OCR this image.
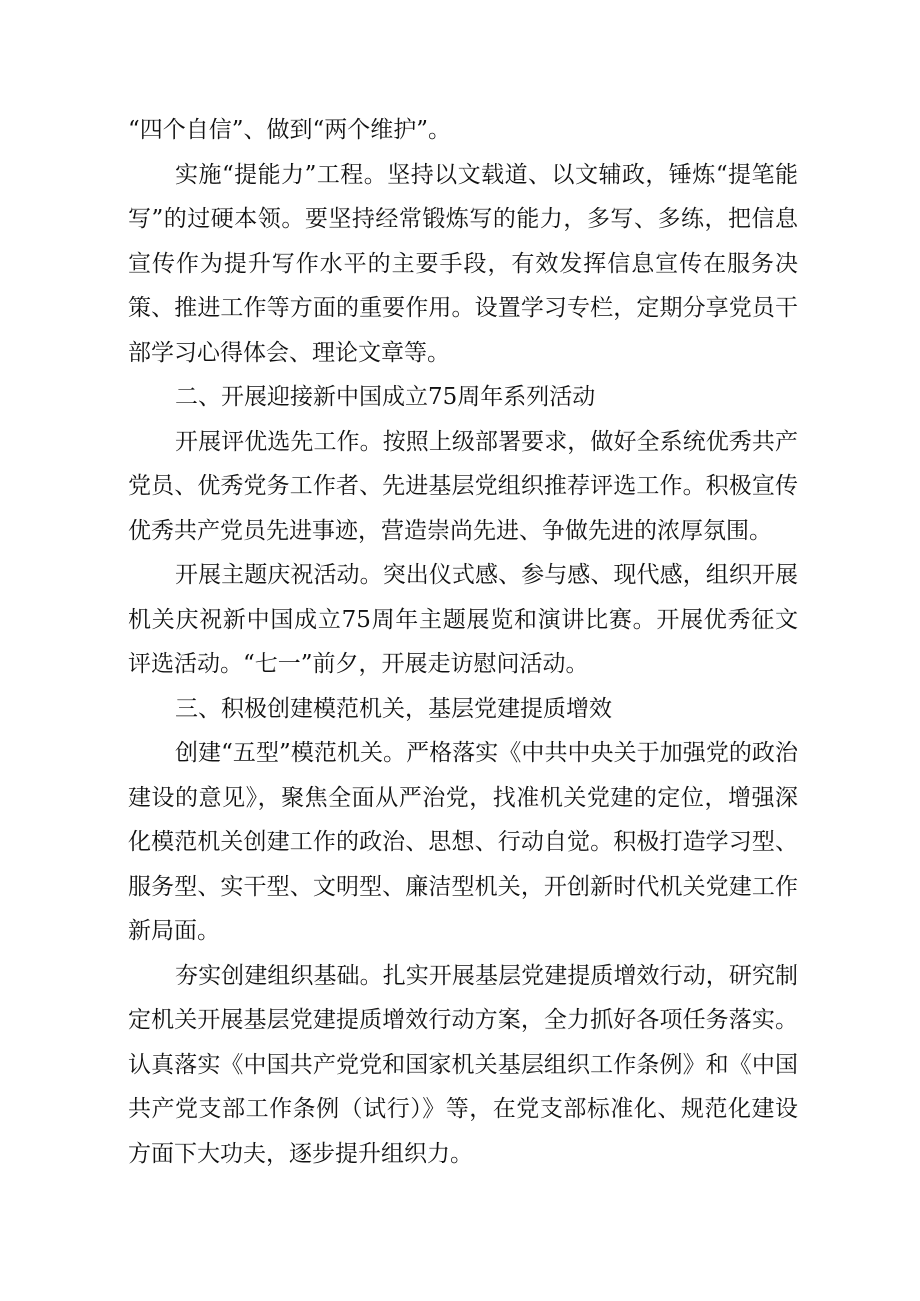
“四个自信”、做到“两个维护”。

实施“提能力”工程。坚持以文载道、以文辅政，锤炼“提笔能写”的过硬本领。要坚持经常锻炼写的能力，多写、多练，把信息宣传作为提升写作水平的主要手段，有效发挥信息宣传在服务决策、推进工作等方面的重要作用。设置学习专栏，定期分享党员干部学习心得体会、理论文章等。

二、开展迎接新中国成立75周年系列活动

开展评优选先工作。按照上级部署要求，做好全系统优秀共产党员、优秀党务工作者、先进基层党组织推荐评选工作。积极宣传优秀共产党员先进事迹，营造崇尚先进、争做先进的浓厚氛围。

开展主题庆祝活动。突出仪式感、参与感、现代感，组织开展机关庆祝新中国成立75周年主题展览和演讲比赛。开展优秀征文评选活动。“七一”前夕，开展走访慰问活动。

三、积极创建模范机关，基层党建提质增效

创建“五型”模范机关。严格落实《中共中央关于加强党的政治建设的意见》，聚焦全面从严治党，找准机关党建的定位，增强深化模范机关创建工作的政治、思想、行动自觉。积极打造学习型、服务型、实干型、文明型、廉洁型机关，开创新时代机关党建工作新局面。

夯实创建组织基础。扎实开展基层党建提质增效行动，研究制定机关开展基层党建提质增效行动方案，全力抓好各项任务落实。认真落实《中国共产党党和国家机关基层组织工作条例》和《中国共产党支部工作条例（试行）》等，在党支部标准化、规范化建设方面下大功夫，逐步提升组织力。
